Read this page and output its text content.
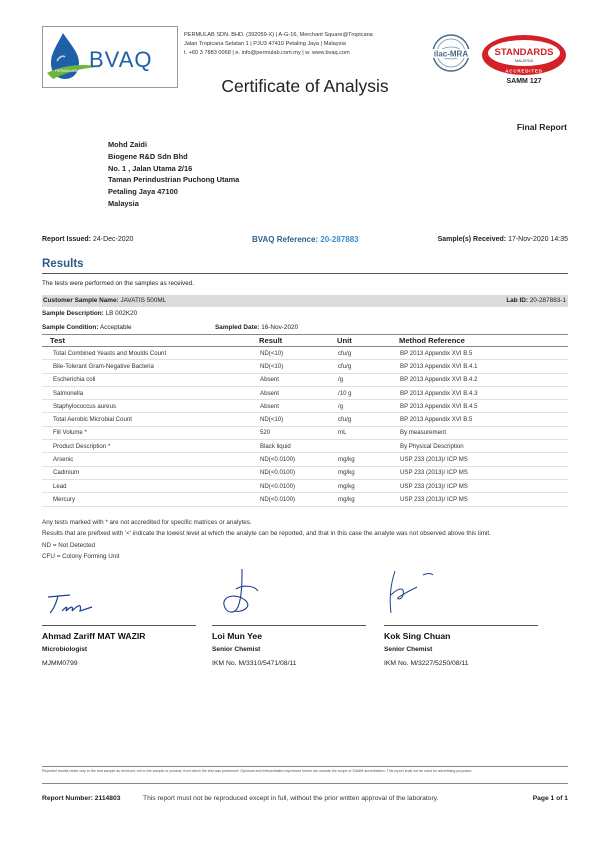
PERMULAB BVAQ
PERMULAB SDN. BHD. (392059-X) | A-G-16, Merchant Square@Tropicana
Jalan Tropicana Selatan 1 | PJU3 47410 Petaling Jaya | Malaysia
t. +60 3 7883 0068 | e. info@permulab.com.my | w. www.bvaq.com	ilac-MRA	STANDARDS
MALAYSIA
ACCREDITED
SAMM 127
Certificate of Analysis
Final Report
Mohd Zaidi
Biogene R&D Sdn Bhd
No. 1 , Jalan Utama 2/16
Taman Perindustrian Puchong Utama
Petaling Jaya 47100
Malaysia
Report Issued: 24-Dec-2020	BVAQ Reference: 20-287883	Sample(s) Received: 17-Nov-2020 14:35
Results
The tests were performed on the samples as received.
Customer Sample Name: JAVATIS 500ML	Lab ID: 20-287883-1
Sample Description: LB 002K20
Sample Condition: Acceptable	Sampled Date: 16-Nov-2020
Test	Result	Unit	Method Reference
Total Combined Yeasts and Moulds Count	ND(<10)	cfu/g	BP 2013 Appendix XVI B.5
Bile-Tolerant Gram-Negative Bacteria	ND(<10)	cfu/g	BP 2013 Appendix XVI B.4.1
Escherichia coli	Absent	/g	BP 2013 Appendix XVI B.4.2
Salmonella	Absent	/10 g	BP 2013 Appendix XVI B.4.3
Staphylococcus aureus	Absent	/g	BP 2013 Appendix XVI B.4.5
Total Aerobic Microbial Count	ND(<10)	cfu/g	BP 2013 Appendix XVI B.5
Fill Volume *	520	mL	By measurement
Product Description *	Black liquid		By Physical Description
Arsenic	ND(<0.0100)	mg/kg	USP 233 (2013)/ ICP MS
Cadmium	ND(<0.0100)	mg/kg	USP 233 (2013)/ ICP MS
Lead	ND(<0.0100)	mg/kg	USP 233 (2013)/ ICP MS
Mercury	ND(<0.0100)	mg/kg	USP 233 (2013)/ ICP MS
Any tests marked with * are not accredited for specific matrices or analytes.
Results that are prefixed with '<' indicate the lowest level at which the analyte can be reported, and that in this case the analyte was not observed above this limit.
ND = Not Detected
CFU = Colony Forming Unit
Ahmad Zariff MAT WAZIR
Microbiologist
MJMM0799
Loi Mun Yee
Senior Chemist
IKM No. M/3310/5471/08/11
Kok Sing Chuan
Senior Chemist
IKM No. M/3227/5250/08/11
Reported results relate only to the test sample as received, not to the sample or product, from which the test was performed. Opinions and interpretation expressed herein are outside the scope of SAMM accreditation. This report shall not be used for advertising purposes.
Report Number: 2114803	This report must not be reproduced except in full, without the prior written approval of the laboratory.	Page 1 of 1
